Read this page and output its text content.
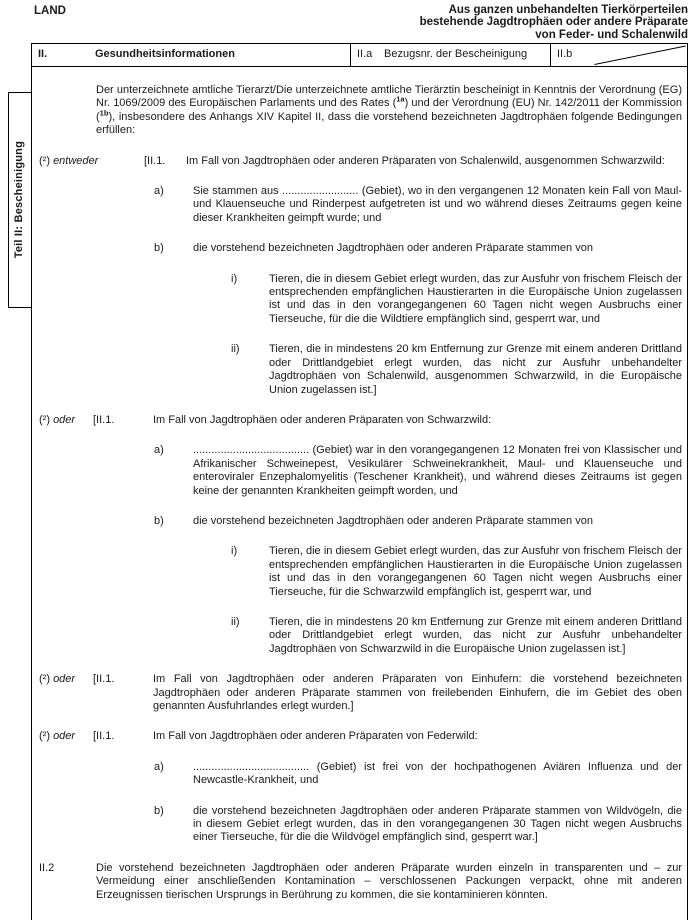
LAND	Aus ganzen unbehandelten Tierkörperteilen
bestehende Jagdtrophäen oder andere Präparate
von Feder- und Schalenwild
Teil II: Bescheinigung
II.	Gesundheitsinformationen	II.a	Bezugsnr. der Bescheinigung	II.b

Der unterzeichnete amtliche Tierarzt/Die unterzeichnete amtliche Tierärztin bescheinigt in Kenntnis der Verordnung (EG) Nr. 1069/2009 des Europäischen Parlaments und des Rates ($^{1a}$) und der Verordnung (EU) Nr. 142/2011 der Kommission ($^{1b}$), insbesondere des Anhangs XIV Kapitel II, dass die vorstehend bezeichneten Jagdtrophäen folgende Bedingungen erfüllen:

(²) entweder	[II.1.	Im Fall von Jagdtrophäen oder anderen Präparaten von Schalenwild, ausgenommen Schwarzwild:
a)	Sie stammen aus ......................... (Gebiet), wo in den vergangenen 12 Monaten kein Fall von Maul- und Klauenseuche und Rinderpest aufgetreten ist und wo während dieses Zeitraums gegen keine dieser Krankheiten geimpft wurde; und
b)	die vorstehend bezeichneten Jagdtrophäen oder anderen Präparate stammen von
i)	Tieren, die in diesem Gebiet erlegt wurden, das zur Ausfuhr von frischem Fleisch der entsprechenden empfänglichen Haustierarten in die Europäische Union zugelassen ist und das in den vorangegangenen 60 Tagen nicht wegen Ausbruchs einer Tierseuche, für die die Wildtiere empfänglich sind, gesperrt war, und
ii)	Tieren, die in mindestens 20 km Entfernung zur Grenze mit einem anderen Drittland oder Drittlandgebiet erlegt wurden, das nicht zur Ausfuhr unbehandelter Jagdtrophäen von Schalenwild, ausgenommen Schwarzwild, in die Europäische Union zugelassen ist.]
(²) oder	[II.1.	Im Fall von Jagdtrophäen oder anderen Präparaten von Schwarzwild:
a)	...................................... (Gebiet) war in den vorangegangenen 12 Monaten frei von Klassischer und Afrikanischer Schweinepest, Vesikulärer Schweinekrankheit, Maul- und Klauenseuche und enteroviraler Enzephalomyelitis (Teschener Krankheit), und während dieses Zeitraums ist gegen keine der genannten Krankheiten geimpft worden, und
b)	die vorstehend bezeichneten Jagdtrophäen oder anderen Präparate stammen von
i)	Tieren, die in diesem Gebiet erlegt wurden, das zur Ausfuhr von frischem Fleisch der entsprechenden empfänglichen Haustierarten in die Europäische Union zugelassen ist und das in den vorangegangenen 60 Tagen nicht wegen Ausbruchs einer Tierseuche, für die Schwarzwild empfänglich ist, gesperrt war, und
ii)	Tieren, die in mindestens 20 km Entfernung zur Grenze mit einem anderen Drittland oder Drittlandgebiet erlegt wurden, das nicht zur Ausfuhr unbehandelter Jagdtrophäen von Schwarzwild in die Europäische Union zugelassen ist.]
(²) oder	[II.1.	Im Fall von Jagdtrophäen oder anderen Präparaten von Einhufern: die vorstehend bezeichneten Jagdtrophäen oder anderen Präparate stammen von freilebenden Einhufern, die im Gebiet des oben genannten Ausfuhrlandes erlegt wurden.]
(²) oder	[II.1.	Im Fall von Jagdtrophäen oder anderen Präparaten von Federwild:
a)	...................................... (Gebiet) ist frei von der hochpathogenen Aviären Influenza und der Newcastle-Krankheit, und
b)	die vorstehend bezeichneten Jagdtrophäen oder anderen Präparate stammen von Wildvögeln, die in diesem Gebiet erlegt wurden, das in den vorangegangenen 30 Tagen nicht wegen Ausbruchs einer Tierseuche, für die die Wildvögel empfänglich sind, gesperrt war.]
II.2	Die vorstehend bezeichneten Jagdtrophäen oder anderen Präparate wurden einzeln in transparenten und – zur Vermeidung einer anschließenden Kontamination – verschlossenen Packungen verpackt, ohne mit anderen Erzeugnissen tierischen Ursprungs in Berührung zu kommen, die sie kontaminieren könnten.
